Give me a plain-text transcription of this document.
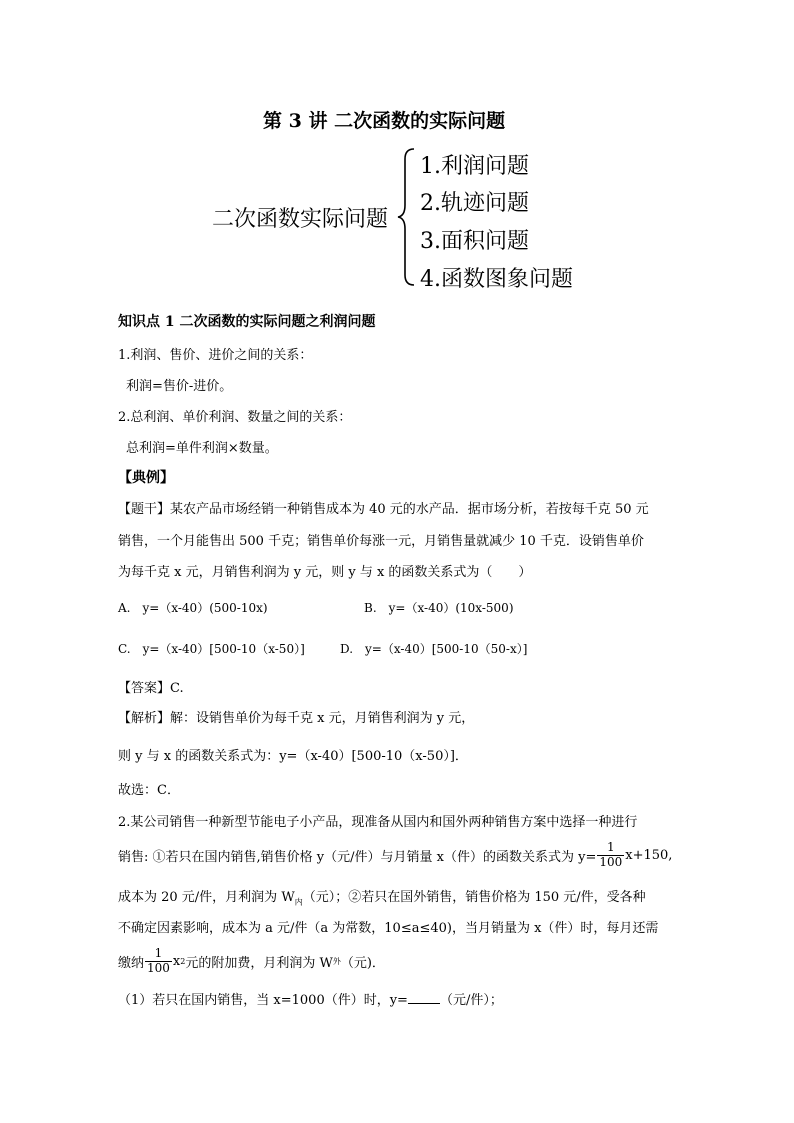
第 3 讲 二次函数的实际问题
二次函数实际问题
1.利润问题
2.轨迹问题
3.面积问题
4.函数图象问题
知识点 1 二次函数的实际问题之利润问题
1.利润、售价、进价之间的关系：
利润=售价-进价。
2.总利润、单价利润、数量之间的关系：
总利润=单件利润×数量。
【典例】
【题干】某农产品市场经销一种销售成本为 40 元的水产品．据市场分析，若按每千克 50 元
销售，一个月能售出 500 千克；销售单价每涨一元，月销售量就减少 10 千克．设销售单价
为每千克 x 元，月销售利润为 y 元，则 y 与 x 的函数关系式为（　　）
A.　y=（x-40）(500-10x)	B.　y=（x-40）(10x-500)
C.　y=（x-40）[500-10（x-50）]	D.　y=（x-40）[500-10（50-x）]
【答案】C.
【解析】解：设销售单价为每千克 x 元，月销售利润为 y 元，
则 y 与 x 的函数关系式为：y=（x-40）[500-10（x-50）]．
故选：C．
2.某公司销售一种新型节能电子小产品，现准备从国内和国外两种销售方案中选择一种进行
销售: ①若只在国内销售,销售价格 y（元/件）与月销量 x（件）的函数关系式为 $y= \frac{1}{100} x+150$,
成本为 20 元/件，月利润为 $W_内$（元）；②若只在国外销售，销售价格为 150 元/件，受各种
不确定因素影响，成本为 a 元/件（a 为常数，10≤a≤40)，当月销量为 x（件）时，每月还需
缴纳 $\frac{1}{100}$ x 2 元的附加费，月利润为 W 外 （元)．
（1）若只在国内销售，当 x=1000（件）时，y= （元/件）；
